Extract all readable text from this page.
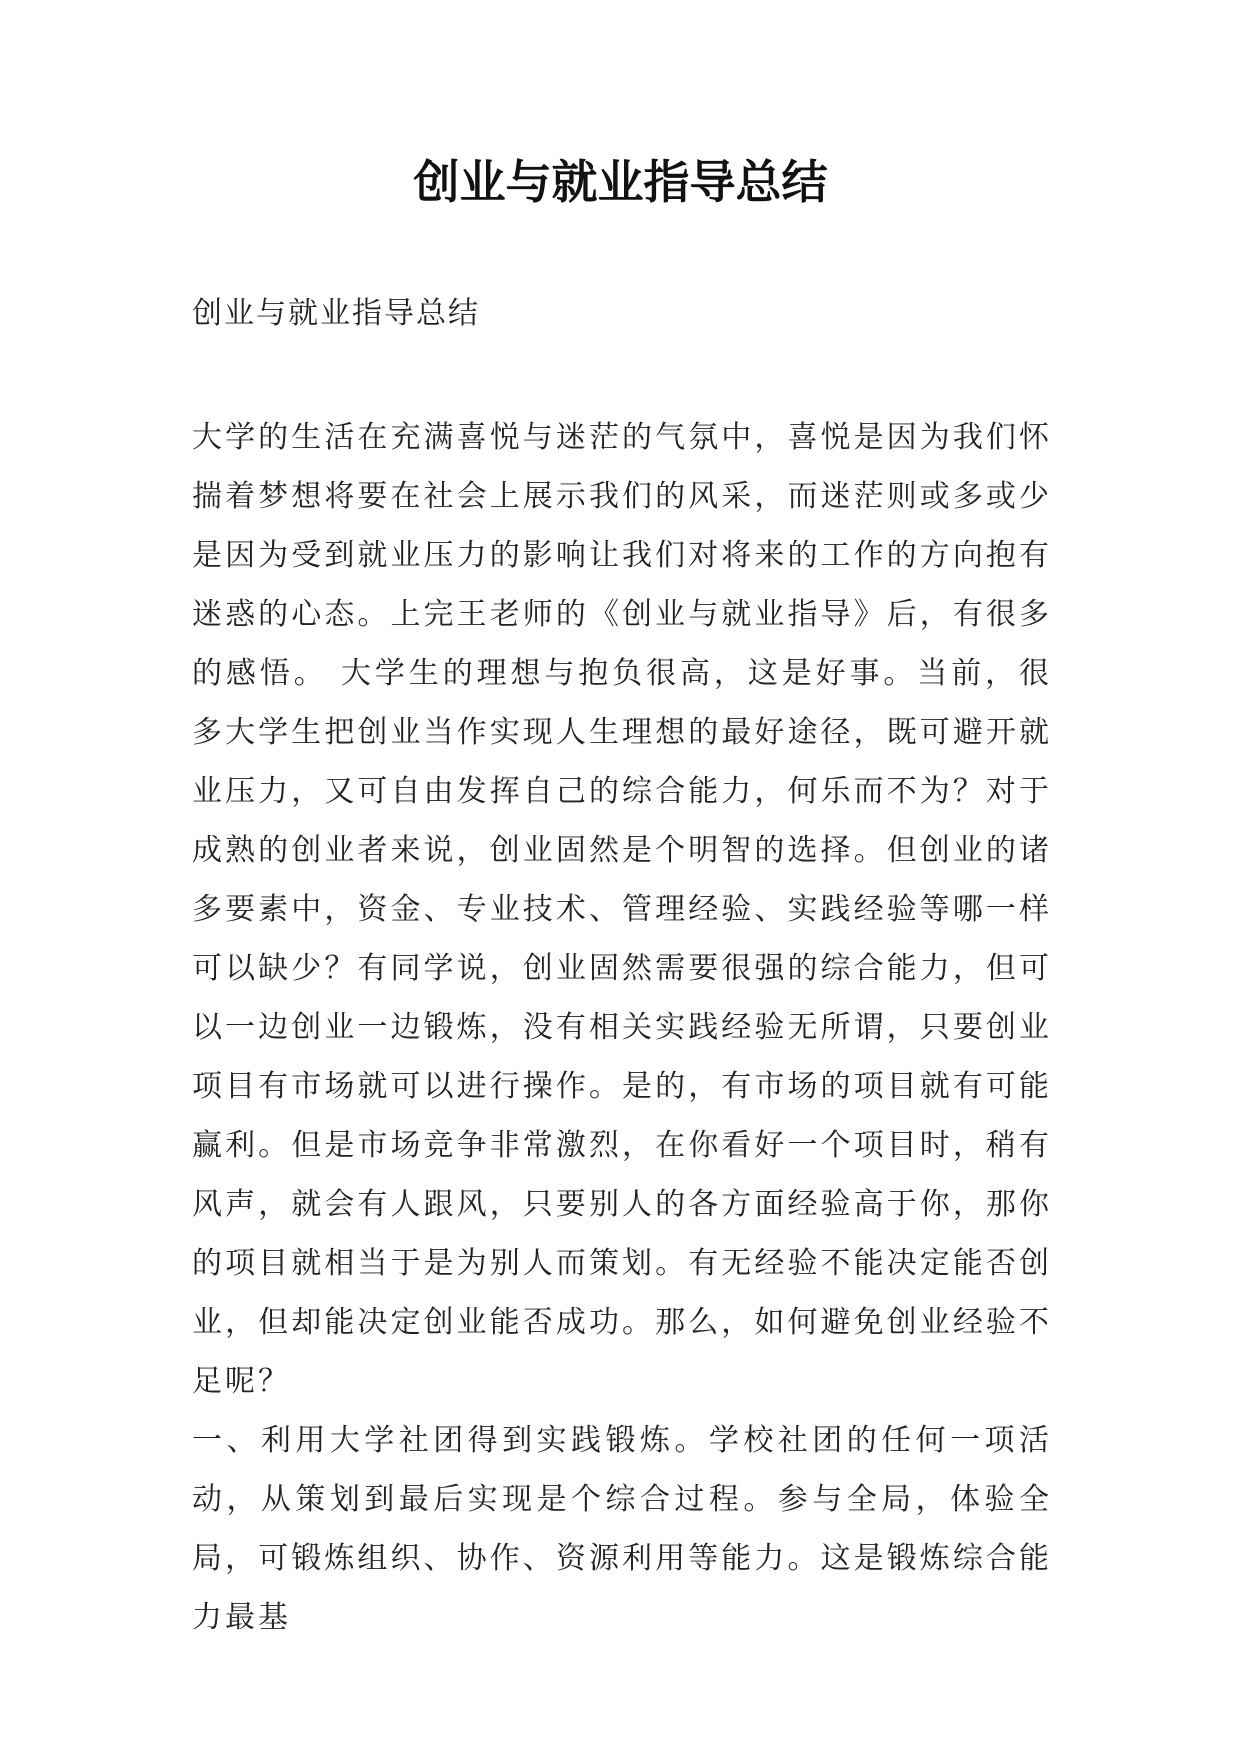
创业与就业指导总结

创业与就业指导总结

大学的生活在充满喜悦与迷茫的气氛中，喜悦是因为我们怀揣着梦想将要在社会上展示我们的风采，而迷茫则或多或少是因为受到就业压力的影响让我们对将来的工作的方向抱有迷惑的心态。上完王老师的《创业与就业指导》后，有很多的感悟。 大学生的理想与抱负很高，这是好事。当前，很多大学生把创业当作实现人生理想的最好途径，既可避开就业压力，又可自由发挥自己的综合能力，何乐而不为？对于成熟的创业者来说，创业固然是个明智的选择。但创业的诸多要素中，资金、专业技术、管理经验、实践经验等哪一样可以缺少？有同学说，创业固然需要很强的综合能力，但可以一边创业一边锻炼，没有相关实践经验无所谓，只要创业项目有市场就可以进行操作。是的，有市场的项目就有可能赢利。但是市场竞争非常激烈，在你看好一个项目时，稍有风声，就会有人跟风，只要别人的各方面经验高于你，那你的项目就相当于是为别人而策划。有无经验不能决定能否创业，但却能决定创业能否成功。那么，如何避免创业经验不足呢？

一、利用大学社团得到实践锻炼。学校社团的任何一项活动，从策划到最后实现是个综合过程。参与全局，体验全局，可锻炼组织、协作、资源利用等能力。这是锻炼综合能力最基
